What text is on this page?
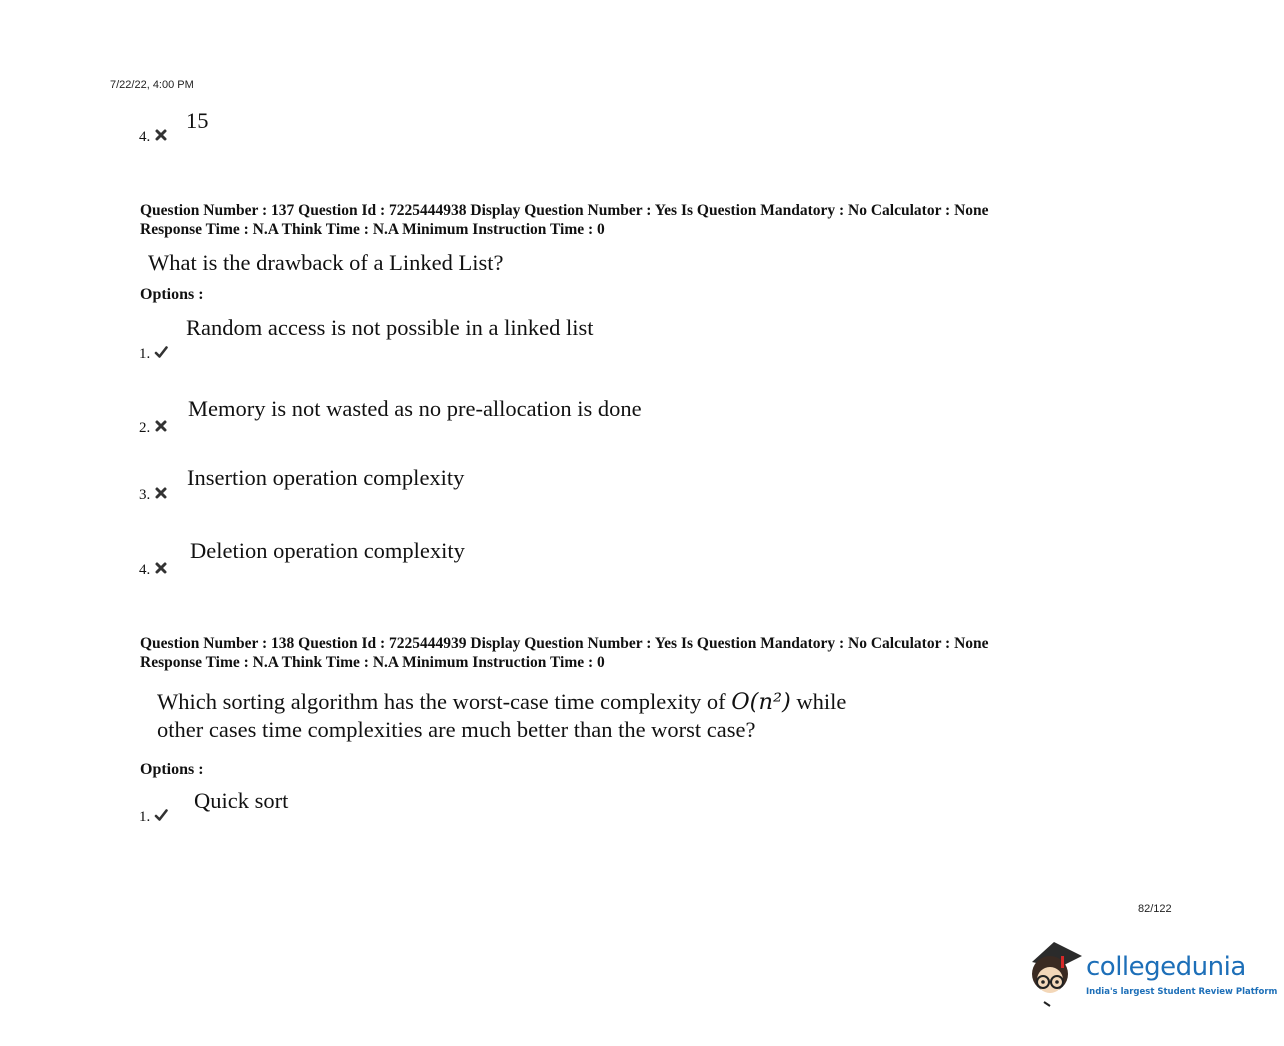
7/22/22, 4:00 PM
4.
15
Question Number : 137 Question Id : 7225444938 Display Question Number : Yes Is Question Mandatory : No Calculator : None
Response Time : N.A Think Time : N.A Minimum Instruction Time : 0
What is the drawback of a Linked List?
Options :
Random access is not possible in a linked list
1.
Memory is not wasted as no pre-allocation is done
2.
Insertion operation complexity
3.
Deletion operation complexity
4.
Question Number : 138 Question Id : 7225444939 Display Question Number : Yes Is Question Mandatory : No Calculator : None
Response Time : N.A Think Time : N.A Minimum Instruction Time : 0
Which sorting algorithm has the worst-case time complexity of O(n²) while
other cases time complexities are much better than the worst case?
Options :
Quick sort
1.
82/122
collegedunia
India's largest Student Review Platform
